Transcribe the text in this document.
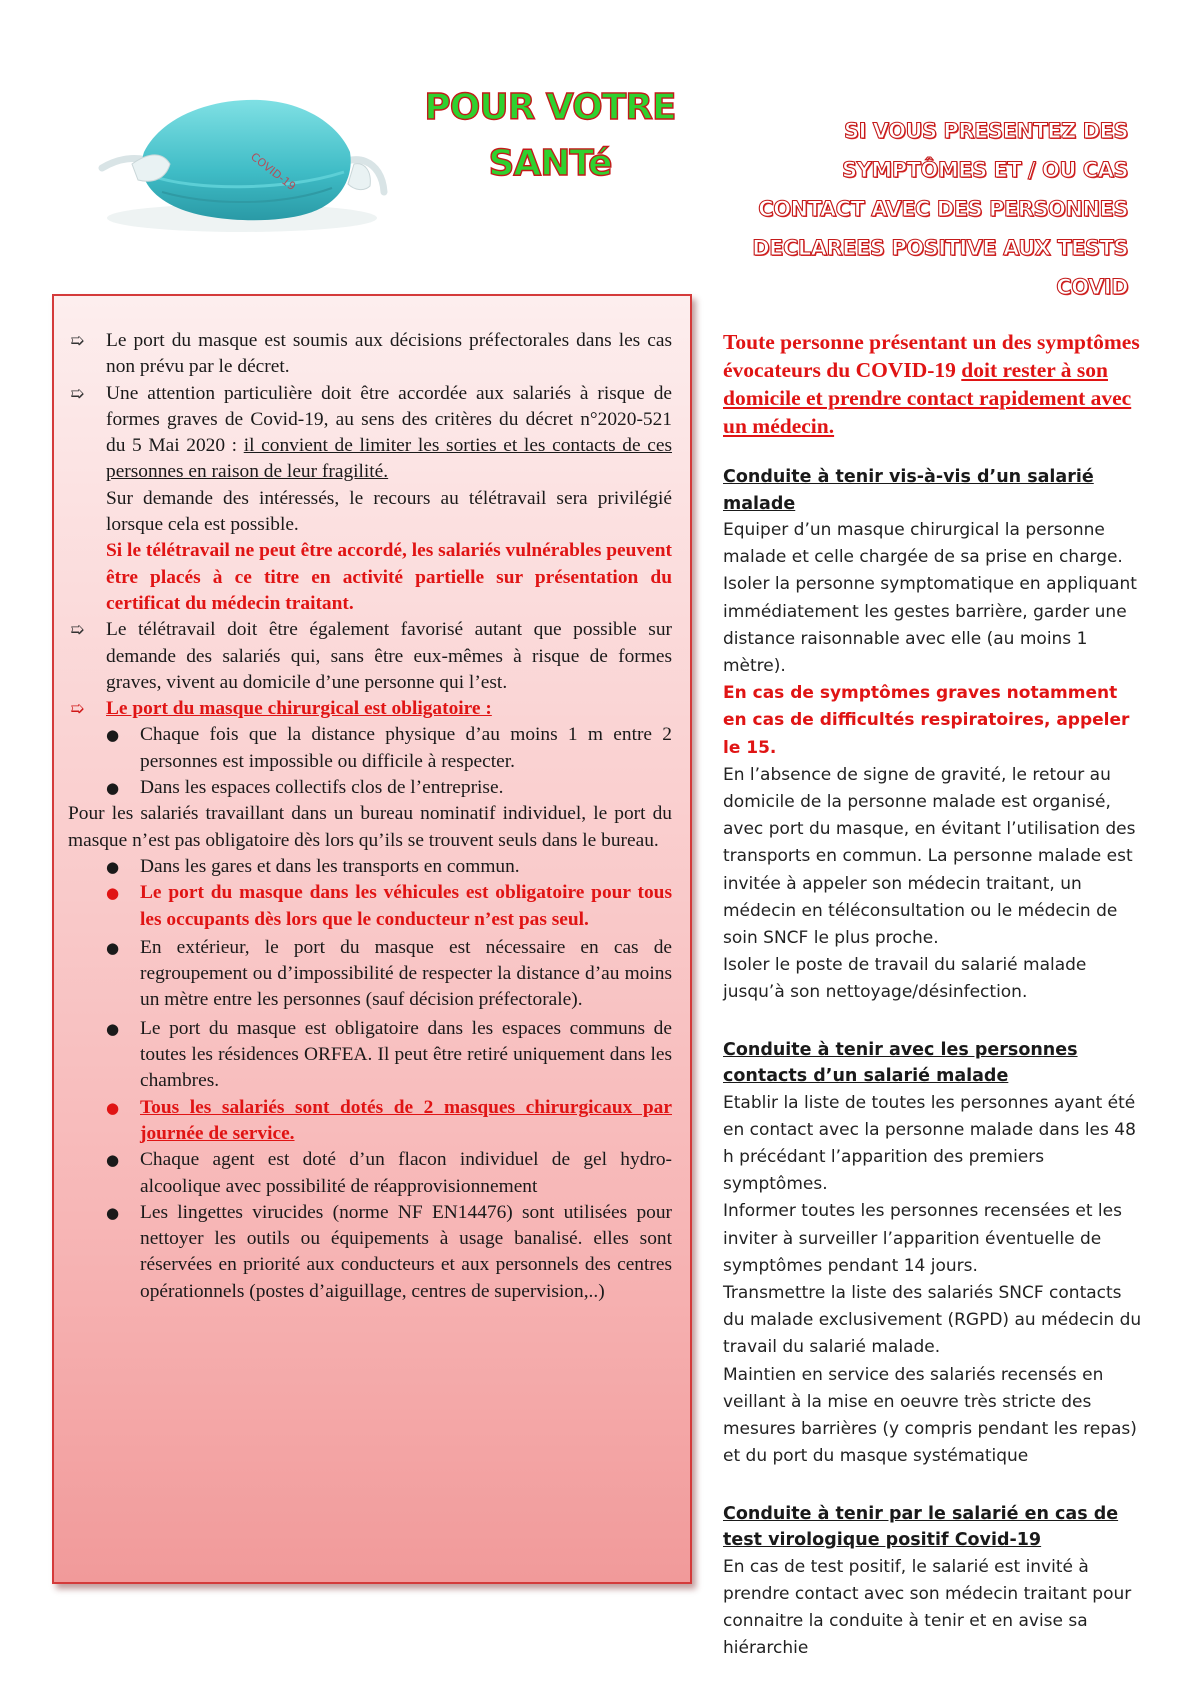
COVID-19
POUR VOTRE
SANTé
SI VOUS PRESENTEZ DES
SYMPTÔMES ET / OU CAS
CONTACT AVEC DES PERSONNES
DECLAREES POSITIVE AUX TESTS
COVID
➯	Le port du masque est soumis aux décisions préfectorales dans les cas non prévu par le décret.
➯	Une attention particulière doit être accordée aux salariés à risque de formes graves de Covid-19, au sens des critères du décret n°2020-521 du 5 Mai 2020 : il convient de limiter les sorties et les contacts de ces personnes en raison de leur fragilité.
Sur demande des intéressés, le recours au télétravail sera privilégié lorsque cela est possible.
Si le télétravail ne peut être accordé, les salariés vulnérables peuvent être placés à ce titre en activité partielle sur présentation du certificat du médecin traitant.
➯	Le télétravail doit être également favorisé autant que possible sur demande des salariés qui, sans être eux-mêmes à risque de formes graves, vivent au domicile d’une personne qui l’est.
➯	Le port du masque chirurgical est obligatoire :
● Chaque fois que la distance physique d’au moins 1 m entre 2 personnes est impossible ou difficile à respecter.
● Dans les espaces collectifs clos de l’entreprise.
Pour les salariés travaillant dans un bureau nominatif individuel, le port du masque n’est pas obligatoire dès lors qu’ils se trouvent seuls dans le bureau.
● Dans les gares et dans les transports en commun.
● Le port du masque dans les véhicules est obligatoire pour tous les occupants dès lors que le conducteur n’est pas seul.
● En extérieur, le port du masque est nécessaire en cas de regroupement ou d’impossibilité de respecter la distance d’au moins un mètre entre les personnes (sauf décision préfectorale).
● Le port du masque est obligatoire dans les espaces communs de toutes les résidences ORFEA. Il peut être retiré uniquement dans les chambres.
● Tous les salariés sont dotés de 2 masques chirurgicaux par journée de service.
● Chaque agent est doté d’un flacon individuel de gel hydro-alcoolique avec possibilité de réapprovisionnement
● Les lingettes virucides (norme NF EN14476) sont utilisées pour nettoyer les outils ou équipements à usage banalisé. elles sont réservées en priorité aux conducteurs et aux personnels des centres opérationnels (postes d’aiguillage, centres de supervision,..)
Toute personne présentant un des symptômes évocateurs du COVID-19 doit rester à son domicile et prendre contact rapidement avec un médecin.
Conduite à tenir vis-à-vis d’un salarié malade
Equiper d’un masque chirurgical la personne malade et celle chargée de sa prise en charge.
Isoler la personne symptomatique en appliquant immédiatement les gestes barrière, garder une distance raisonnable avec elle (au moins 1 mètre).
En cas de symptômes graves notamment en cas de difficultés respiratoires, appeler le 15.
En l’absence de signe de gravité, le retour au domicile de la personne malade est organisé, avec port du masque, en évitant l’utilisation des transports en commun. La personne malade est invitée à appeler son médecin traitant, un médecin en téléconsultation ou le médecin de soin SNCF le plus proche.
Isoler le poste de travail du salarié malade jusqu’à son nettoyage/désinfection.
Conduite à tenir avec les personnes contacts d’un salarié malade
Etablir la liste de toutes les personnes ayant été en contact avec la personne malade dans les 48 h précédant l’apparition des premiers symptômes.
Informer toutes les personnes recensées et les inviter à surveiller l’apparition éventuelle de symptômes pendant 14 jours.
Transmettre la liste des salariés SNCF contacts du malade exclusivement (RGPD) au médecin du travail du salarié malade.
Maintien en service des salariés recensés en veillant à la mise en oeuvre très stricte des mesures barrières (y compris pendant les repas) et du port du masque systématique
Conduite à tenir par le salarié en cas de test virologique positif Covid-19
En cas de test positif, le salarié est invité à prendre contact avec son médecin traitant pour connaitre la conduite à tenir et en avise sa hiérarchie
